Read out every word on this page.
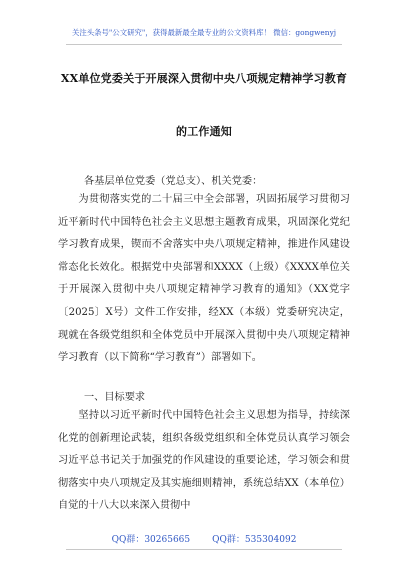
关注头条号"公文研究"，获得最新最全最专业的公文资料库！ 微信：gongwenyj
XX单位党委关于开展深入贯彻中央八项规定精神学习教育
的工作通知
各基层单位党委（党总支）、机关党委：

为贯彻落实党的二十届三中全会部署，巩固拓展学习贯彻习近平新时代中国特色社会主义思想主题教育成果，巩固深化党纪学习教育成果，锲而不舍落实中央八项规定精神，推进作风建设常态化长效化。根据党中央部署和XXXX（上级）《XXXX单位关于开展深入贯彻中央八项规定精神学习教育的通知》（XX党字〔2025〕X号）文件工作安排，经XX（本级）党委研究决定，现就在各级党组织和全体党员中开展深入贯彻中央八项规定精神学习教育（以下简称“学习教育”）部署如下。

一、目标要求

坚持以习近平新时代中国特色社会主义思想为指导，持续深化党的创新理论武装，组织各级党组织和全体党员认真学习领会习近平总书记关于加强党的作风建设的重要论述，学习领会和贯彻落实中央八项规定及其实施细则精神，系统总结XX（本单位）自觉的十八大以来深入贯彻中

QQ群：30265665 QQ群：535304092
